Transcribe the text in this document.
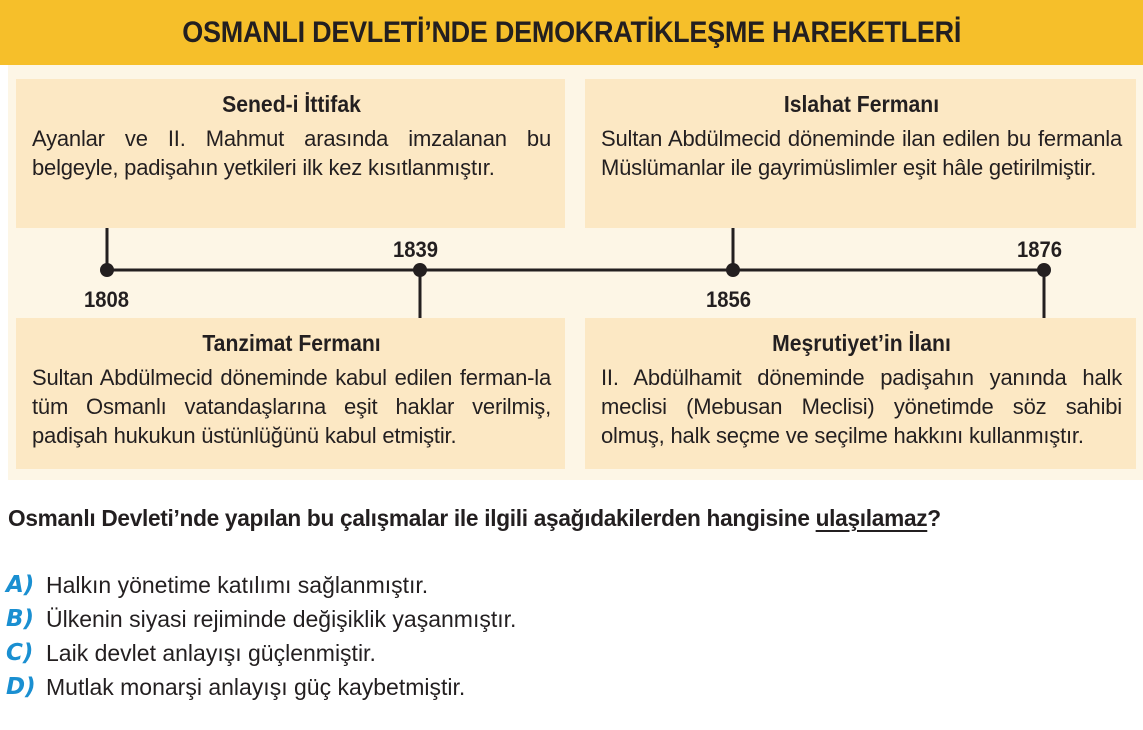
OSMANLI DEVLETİ’NDE DEMOKRATİKLEŞME HAREKETLERİ
Sened-i İttifak

Ayanlar ve II. Mahmut arasında imzalanan bu belgeyle, padişahın yetkileri ilk kez kısıtlanmıştır.

Islahat Fermanı

Sultan Abdülmecid döneminde ilan edilen bu fermanla Müslümanlar ile gayrimüslimler eşit hâle getirilmiştir.

Tanzimat Fermanı

Sultan Abdülmecid döneminde kabul edilen ferman-la tüm Osmanlı vatandaşlarına eşit haklar verilmiş, padişah hukukun üstünlüğünü kabul etmiştir.

Meşrutiyet’in İlanı

II. Abdülhamit döneminde padişahın yanında halk meclisi (Mebusan Meclisi) yönetimde söz sahibi olmuş, halk seçme ve seçilme hakkını kullanmıştır.

1808
1839
1856
1876
Osmanlı Devleti’nde yapılan bu çalışmalar ile ilgili aşağıdakilerden hangisine ulaşılamaz?
A) Halkın yönetime katılımı sağlanmıştır.
B) Ülkenin siyasi rejiminde değişiklik yaşanmıştır.
C) Laik devlet anlayışı güçlenmiştir.
D) Mutlak monarşi anlayışı güç kaybetmiştir.
